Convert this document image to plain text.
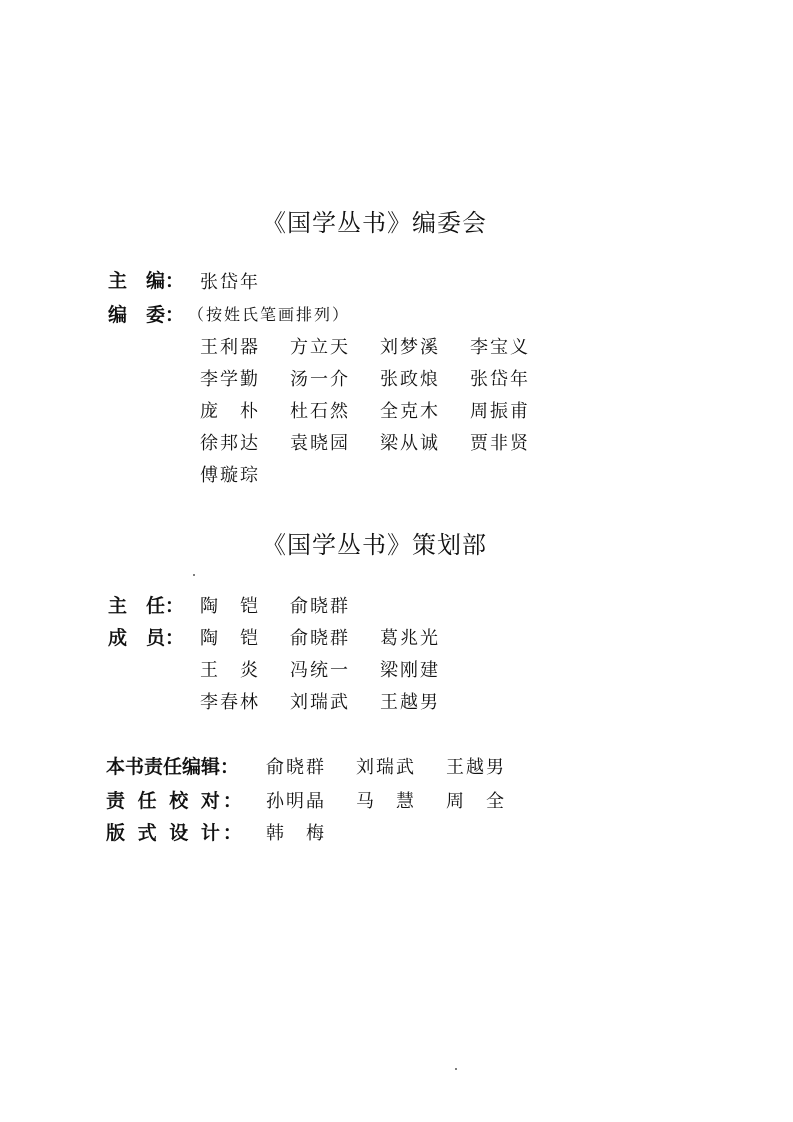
《国学丛书》编委会
主　编： 张岱年
编　委： （按姓氏笔画排列）
王利器 方立天 刘梦溪 李宝义
李学勤 汤一介 张政烺 张岱年
庞　朴 杜石然 全克木 周振甫
徐邦达 袁晓园 梁从诚 贾非贤
傅璇琮
《国学丛书》策划部
主　任： 陶　铠 俞晓群
成　员： 陶　铠 俞晓群 葛兆光
王　炎 冯统一 梁刚建
李春林 刘瑞武 王越男
本书责任编辑： 俞晓群 刘瑞武 王越男
责 任 校 对： 孙明晶 马　慧 周　全
版 式 设 计： 韩　梅
